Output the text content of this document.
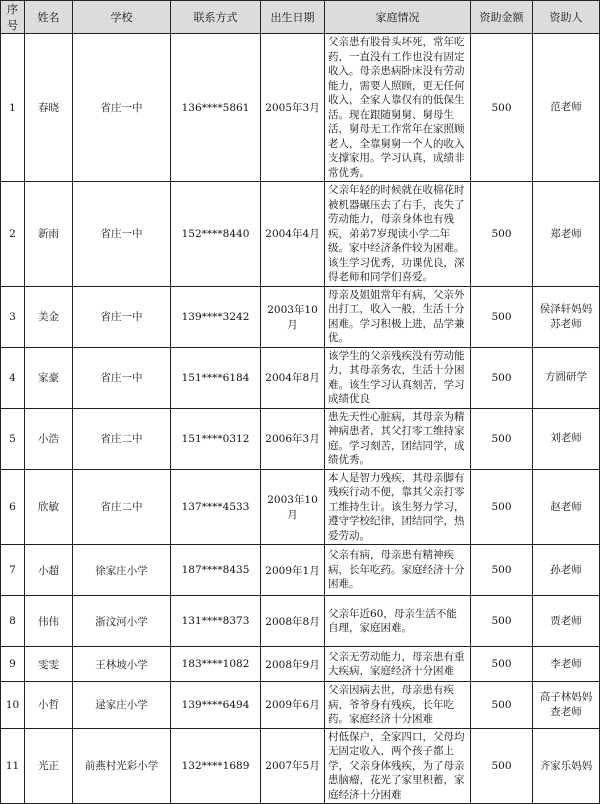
序号	姓名	学校	联系方式	出生日期	家庭情况	资助金额	资助人
1	春晓	省庄一中	136****5861	2005年3月	父亲患有股骨头坏死，常年吃药，一直没有工作也没有固定收入。母亲患病卧床没有劳动能力，需要人照顾，更无任何收入，全家人靠仅有的低保生活。现在跟随舅舅、舅母生活，舅母无工作常年在家照顾老人，全靠舅舅一个人的收入支撑家用。学习认真，成绩非常优秀。	500	范老师
2	新雨	省庄一中	152****8440	2004年4月	父亲年轻的时候就在收棉花时被机器碾压去了右手，丧失了劳动能力，母亲身体也有残疾，弟弟7岁现读小学二年级。家中经济条件较为困难。该生学习优秀，功课优良，深得老师和同学们喜爱。	500	郑老师
3	美金	省庄一中	139****3242	2003年10月	母亲及姐姐常年有病，父亲外出打工，收入一般，生活十分困难。学习积极上进，品学兼优。	500	侯泽轩妈妈
苏老师
4	家豪	省庄一中	151****6184	2004年8月	该学生的父亲残疾没有劳动能力，其母亲务农，生活十分困难。该生学习认真刻苦，学习成绩优良	500	方圆研学
5	小浩	省庄二中	151****0312	2006年3月	患先天性心脏病，其母亲为精神病患者，其父打零工维持家庭。学习刻苦，团结同学，成绩优秀。	500	刘老师
6	欣敏	省庄二中	137****4533	2003年10月	本人是智力残疾，其母亲脚有残疾行动不便，靠其父亲打零工维持生计。该生努力学习，遵守学校纪律，团结同学，热爱劳动。	500	赵老师
7	小超	徐家庄小学	187****8435	2009年1月	父亲有病，母亲患有精神疾病，长年吃药。家庭经济十分困难。	500	孙老师
8	伟伟	浙汶河小学	131****8373	2008年8月	父亲年近60，母亲生活不能自理，家庭困难。	500	贾老师
9	雯雯	王林坡小学	183****1082	2008年9月	父亲无劳动能力，母亲患有重大疾病，家庭经济十分困难	500	李老师
10	小哲	逯家庄小学	139****6494	2009年6月	父亲因病去世，母亲患有疾病，爷爷身有残疾，长年吃药。家庭经济十分困难	500	高子林妈妈
查老师
11	光正	前燕村光彩小学	132****1689	2007年5月	村低保户，全家四口，父母均无固定收入，两个孩子都上学，父亲身体残疾，为了母亲患脑瘤，花光了家里积蓄，家庭经济十分困难	500	齐家乐妈妈
